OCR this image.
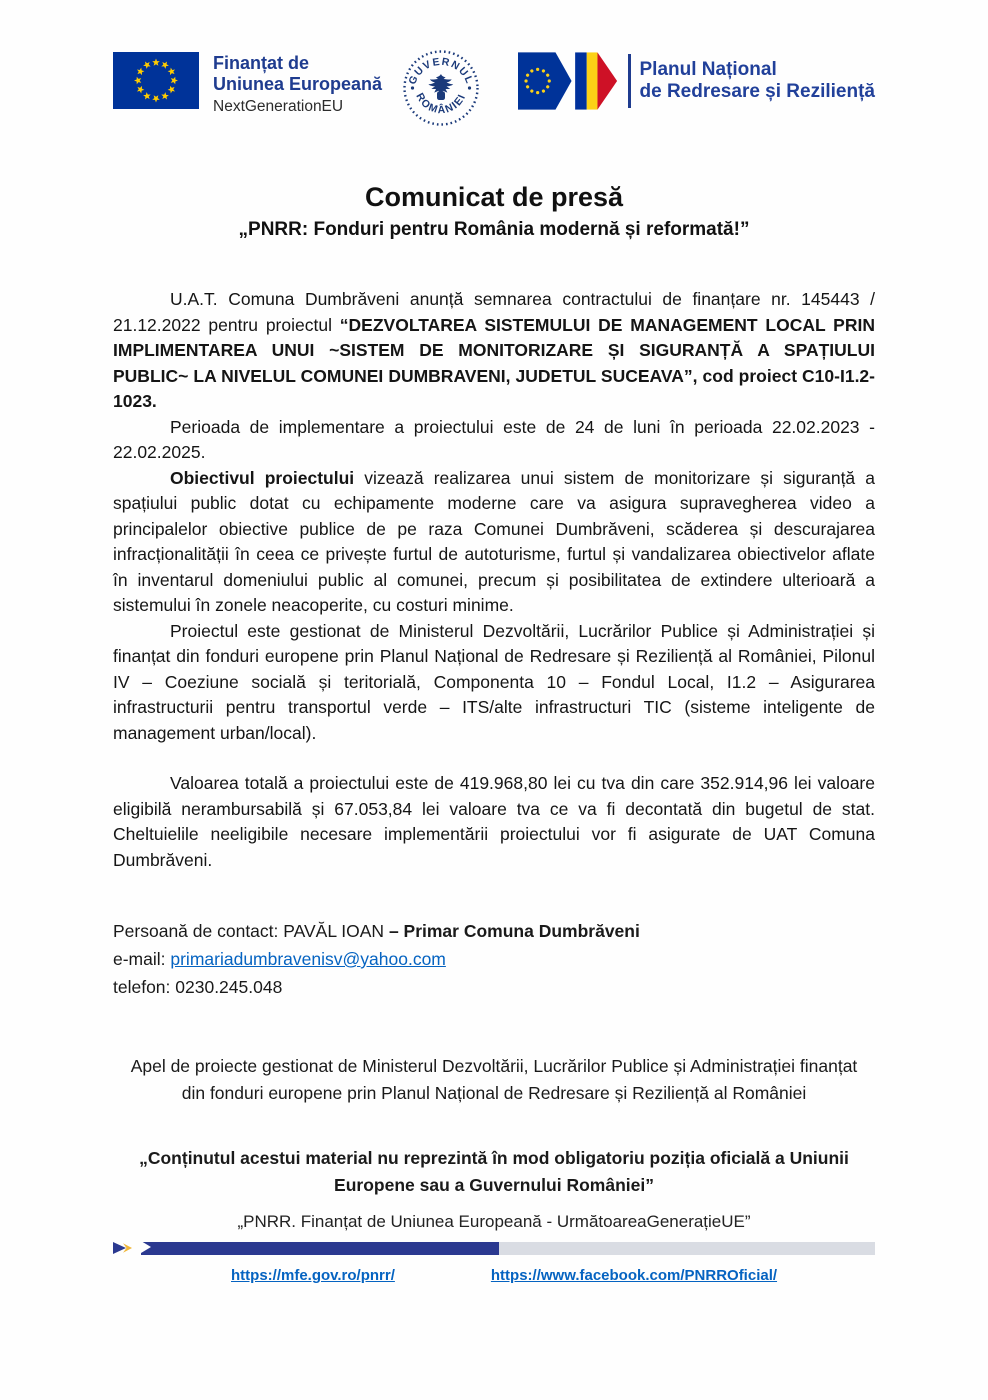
Finanțat de
Uniunea Europeană
NextGenerationEU
GUVERNUL
ROMÂNIEI
Planul Național
de Redresare și Reziliență
Comunicat de presă
„PNRR: Fonduri pentru România modernă și reformată!”

U.A.T. Comuna Dumbrăveni anunță semnarea contractului de finanțare nr. 145443 / 21.12.2022 pentru proiectul “DEZVOLTAREA SISTEMULUI DE MANAGEMENT LOCAL PRIN IMPLIMENTAREA UNUI ~SISTEM DE MONITORIZARE ȘI SIGURANȚĂ A SPAȚIULUI PUBLIC~ LA NIVELUL COMUNEI DUMBRAVENI, JUDETUL SUCEAVA”, cod proiect C10-I1.2-1023.

Perioada de implementare a proiectului este de 24 de luni în perioada 22.02.2023 - 22.02.2025.

Obiectivul proiectului vizează realizarea unui sistem de monitorizare și siguranță a spațiului public dotat cu echipamente moderne care va asigura supravegherea video a principalelor obiective publice de pe raza Comunei Dumbrăveni, scăderea și descurajarea infracționalității în ceea ce privește furtul de autoturisme, furtul și vandalizarea obiectivelor aflate în inventarul domeniului public al comunei, precum și posibilitatea de extindere ulterioară a sistemului în zonele neacoperite, cu costuri minime.

Proiectul este gestionat de Ministerul Dezvoltării, Lucrărilor Publice și Administrației și finanțat din fonduri europene prin Planul Național de Redresare și Reziliență al României, Pilonul IV – Coeziune socială și teritorială, Componenta 10 – Fondul Local, I1.2 – Asigurarea infrastructurii pentru transportul verde – ITS/alte infrastructuri TIC (sisteme inteligente de management urban/local).

Valoarea totală a proiectului este de 419.968,80 lei cu tva din care 352.914,96 lei valoare eligibilă nerambursabilă și 67.053,84 lei valoare tva ce va fi decontată din bugetul de stat. Cheltuielile neeligibile necesare implementării proiectului vor fi asigurate de UAT Comuna Dumbrăveni.

Persoană de contact: PAVĂL IOAN – Primar Comuna Dumbrăveni

e-mail: primariadumbravenisv@yahoo.com

telefon: 0230.245.048

Apel de proiecte gestionat de Ministerul Dezvoltării, Lucrărilor Publice și Administrației finanțat din fonduri europene prin Planul Național de Redresare și Reziliență al României

„Conținutul acestui material nu reprezintă în mod obligatoriu poziția oficială a Uniunii Europene sau a Guvernului României”

„PNRR. Finanțat de Uniunea Europeană - UrmătoareaGenerațieUE”

https://mfe.gov.ro/pnrr/	https://www.facebook.com/PNRROficial/
